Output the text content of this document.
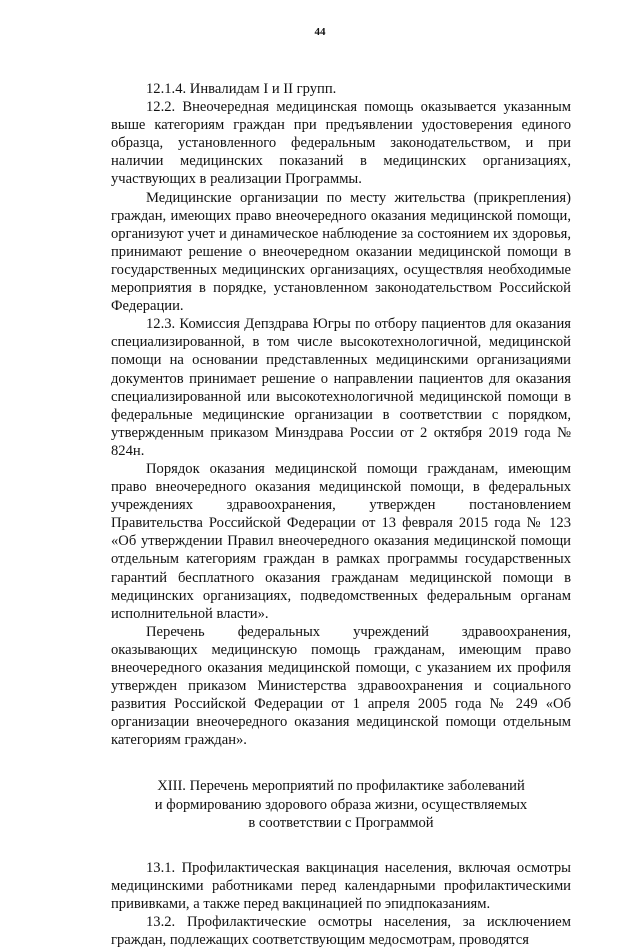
44

12.1.4. Инвалидам I и II групп.

12.2. Внеочередная медицинская помощь оказывается указанным выше категориям граждан при предъявлении удостоверения единого образца, установленного федеральным законодательством, и при наличии медицинских показаний в медицинских организациях, участвующих в реализации Программы.

Медицинские организации по месту жительства (прикрепления) граждан, имеющих право внеочередного оказания медицинской помощи, организуют учет и динамическое наблюдение за состоянием их здоровья, принимают решение о внеочередном оказании медицинской помощи в государственных медицинских организациях, осуществляя необходимые мероприятия в порядке, установленном законодательством Российской Федерации.

12.3. Комиссия Депздрава Югры по отбору пациентов для оказания специализированной, в том числе высокотехнологичной, медицинской помощи на основании представленных медицинскими организациями документов принимает решение о направлении пациентов для оказания специализированной или высокотехнологичной медицинской помощи в федеральные медицинские организации в соответствии с порядком, утвержденным приказом Минздрава России от 2 октября 2019 года № 824н.

Порядок оказания медицинской помощи гражданам, имеющим право внеочередного оказания медицинской помощи, в федеральных учреждениях здравоохранения, утвержден постановлением Правительства Российской Федерации от 13 февраля 2015 года № 123 «Об утверждении Правил внеочередного оказания медицинской помощи отдельным категориям граждан в рамках программы государственных гарантий бесплатного оказания гражданам медицинской помощи в медицинских организациях, подведомственных федеральным органам исполнительной власти».

Перечень федеральных учреждений здравоохранения, оказывающих медицинскую помощь гражданам, имеющим право внеочередного оказания медицинской помощи, с указанием их профиля утвержден приказом Министерства здравоохранения и социального развития Российской Федерации от 1 апреля 2005 года № 249 «Об организации внеочередного оказания медицинской помощи отдельным категориям граждан».

XIII. Перечень мероприятий по профилактике заболеваний
и формированию здорового образа жизни, осуществляемых
в соответствии с Программой

13.1. Профилактическая вакцинация населения, включая осмотры медицинскими работниками перед календарными профилактическими прививками, а также перед вакцинацией по эпидпоказаниям.

13.2. Профилактические осмотры населения, за исключением граждан, подлежащих соответствующим медосмотрам, проводятся
